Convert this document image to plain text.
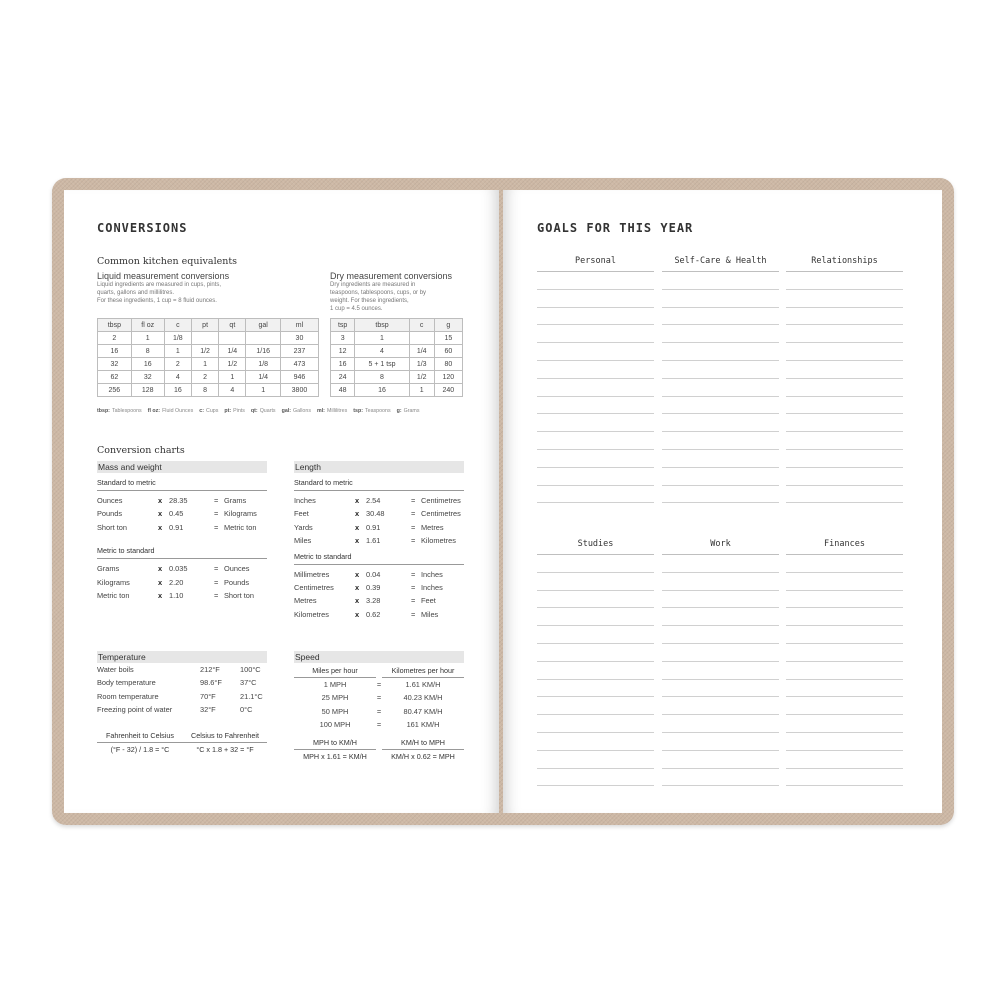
CONVERSIONS
Common kitchen equivalents
Liquid measurement conversions
Liquid ingredients are measured in cups, pints,
quarts, gallons and millilitres.
For these ingredients, 1 cup = 8 fluid ounces.
Dry measurement conversions
Dry ingredients are measured in
teaspoons, tablespoons, cups, or by
weight. For these ingredients,
1 cup = 4.5 ounces.
tbsp	fl oz	c	pt	qt	gal	ml
2	1	1/8				30
16	8	1	1/2	1/4	1/16	237
32	16	2	1	1/2	1/8	473
62	32	4	2	1	1/4	946
256	128	16	8	4	1	3800
tsp	tbsp	c	g
3	1		15
12	4	1/4	60
16	5 + 1 tsp	1/3	80
24	8	1/2	120
48	16	1	240
tbsp: Tablespoons fl oz: Fluid Ounces c: Cups pt: Pints qt: Quarts gal: Gallons ml: Millilitres tsp: Teaspoons g: Grams
Conversion charts
Mass and weight
Standard to metric
Ounces	x 28.35	= Grams
Pounds	x 0.45	= Kilograms
Short ton	x 0.91	= Metric ton
Metric to standard
Grams	x 0.035	= Ounces
Kilograms	x 2.20	= Pounds
Metric ton	x 1.10	= Short ton
Length
Standard to metric
Inches	x 2.54	= Centimetres
Feet	x 30.48	= Centimetres
Yards	x 0.91	= Metres
Miles	x 1.61	= Kilometres
Metric to standard
Millimetres	x 0.04	= Inches
Centimetres	x 0.39	= Inches
Metres	x 3.28	= Feet
Kilometres	x 0.62	= Miles
Temperature
Water boils	212°F	100°C
Body temperature	98.6°F	37°C
Room temperature	70°F	21.1°C
Freezing point of water	32°F	0°C
Fahrenheit to Celsius
(°F - 32) / 1.8 = °C
Celsius to Fahrenheit
°C x 1.8 + 32 = °F
Speed
Miles per hour	Kilometres per hour
1 MPH	=	1.61 KM/H
25 MPH	=	40.23 KM/H
50 MPH	=	80.47 KM/H
100 MPH	=	161 KM/H
MPH to KM/H
MPH x 1.61 = KM/H
KM/H to MPH
KM/H x 0.62 = MPH
GOALS FOR THIS YEAR
Personal	Self-Care & Health	Relationships
Studies	Work	Finances
